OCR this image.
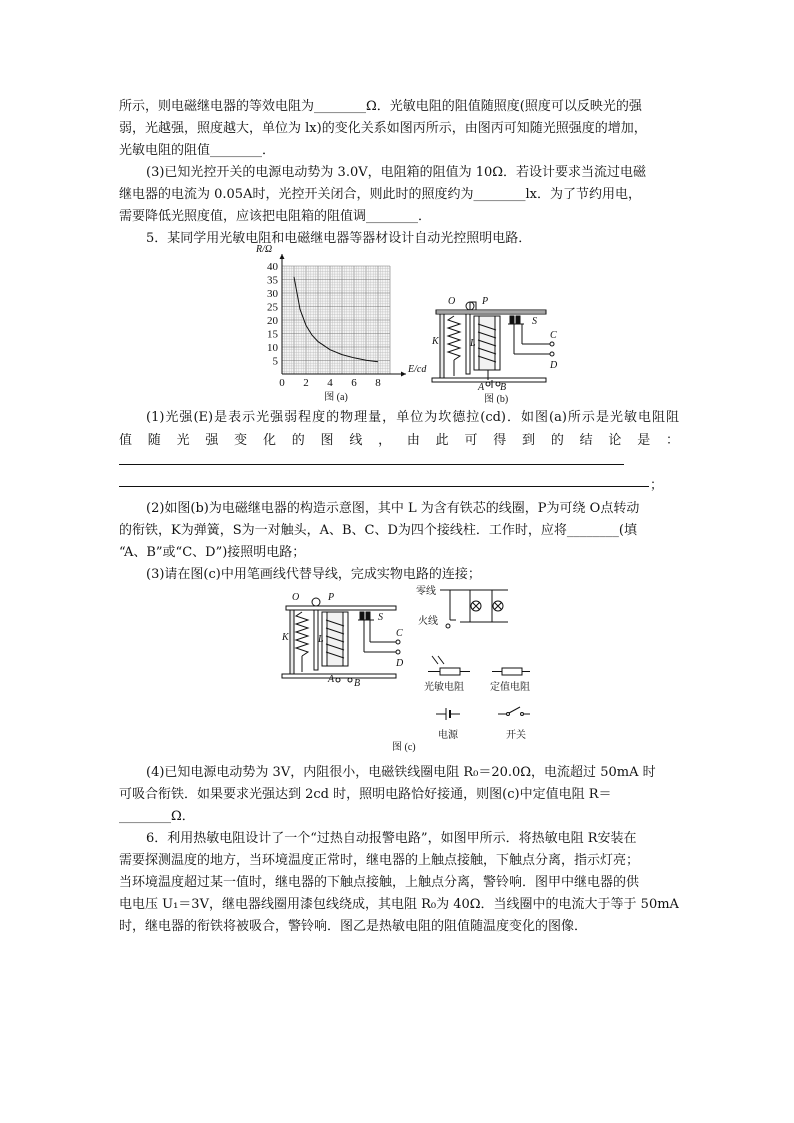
所示，则电磁继电器的等效电阻为________Ω．光敏电阻的阻值随照度(照度可以反映光的强

弱，光越强，照度越大，单位为 lx)的变化关系如图丙所示，由图丙可知随光照强度的增加，

光敏电阻的阻值________．

(3)已知光控开关的电源电动势为 3.0V，电阻箱的阻值为 10Ω．若设计要求当流过电磁

继电器的电流为 0.05A时，光控开关闭合，则此时的照度约为________lx．为了节约用电，

需要降低光照度值，应该把电阻箱的阻值调________．

5．某同学用光敏电阻和电磁继电器等器材设计自动光控照明电路．

0 2 4 6 8
5
10
15
20
25
30
35
40
R/Ω
E/cd
图 (a)
O	P
K	L
S
C
D
A B
图 (b)

(1)光强(E)是表示光强弱程度的物理量，单位为坎德拉(cd)．如图(a)所示是光敏电阻阻

值 随 光 强 变 化 的 图 线 ， 由 此 可 得 到 的 结 论 是 ：

；

(2)如图(b)为电磁继电器的构造示意图，其中 L 为含有铁芯的线圈，P为可绕 O点转动

的衔铁，K为弹簧，S为一对触头，A、B、C、D为四个接线柱．工作时，应将________(填

“A、B”或“C、D”)接照明电路；

(3)请在图(c)中用笔画线代替导线，完成实物电路的连接；

O	P
K	L
S
C
D
A B
零线
火线
光敏电阻	定值电阻
电源	开关
图 (c)

(4)已知电源电动势为 3V，内阻很小，电磁铁线圈电阻 R₀＝20.0Ω，电流超过 50mA 时

可吸合衔铁．如果要求光强达到 2cd 时，照明电路恰好接通，则图(c)中定值电阻 R＝

________Ω．

6．利用热敏电阻设计了一个“过热自动报警电路”，如图甲所示．将热敏电阻 R安装在

需要探测温度的地方，当环境温度正常时，继电器的上触点接触，下触点分离，指示灯亮；

当环境温度超过某一值时，继电器的下触点接触，上触点分离，警铃响．图甲中继电器的供

电电压 U₁＝3V，继电器线圈用漆包线绕成，其电阻 R₀为 40Ω．当线圈中的电流大于等于 50mA

时，继电器的衔铁将被吸合，警铃响．图乙是热敏电阻的阻值随温度变化的图像．
